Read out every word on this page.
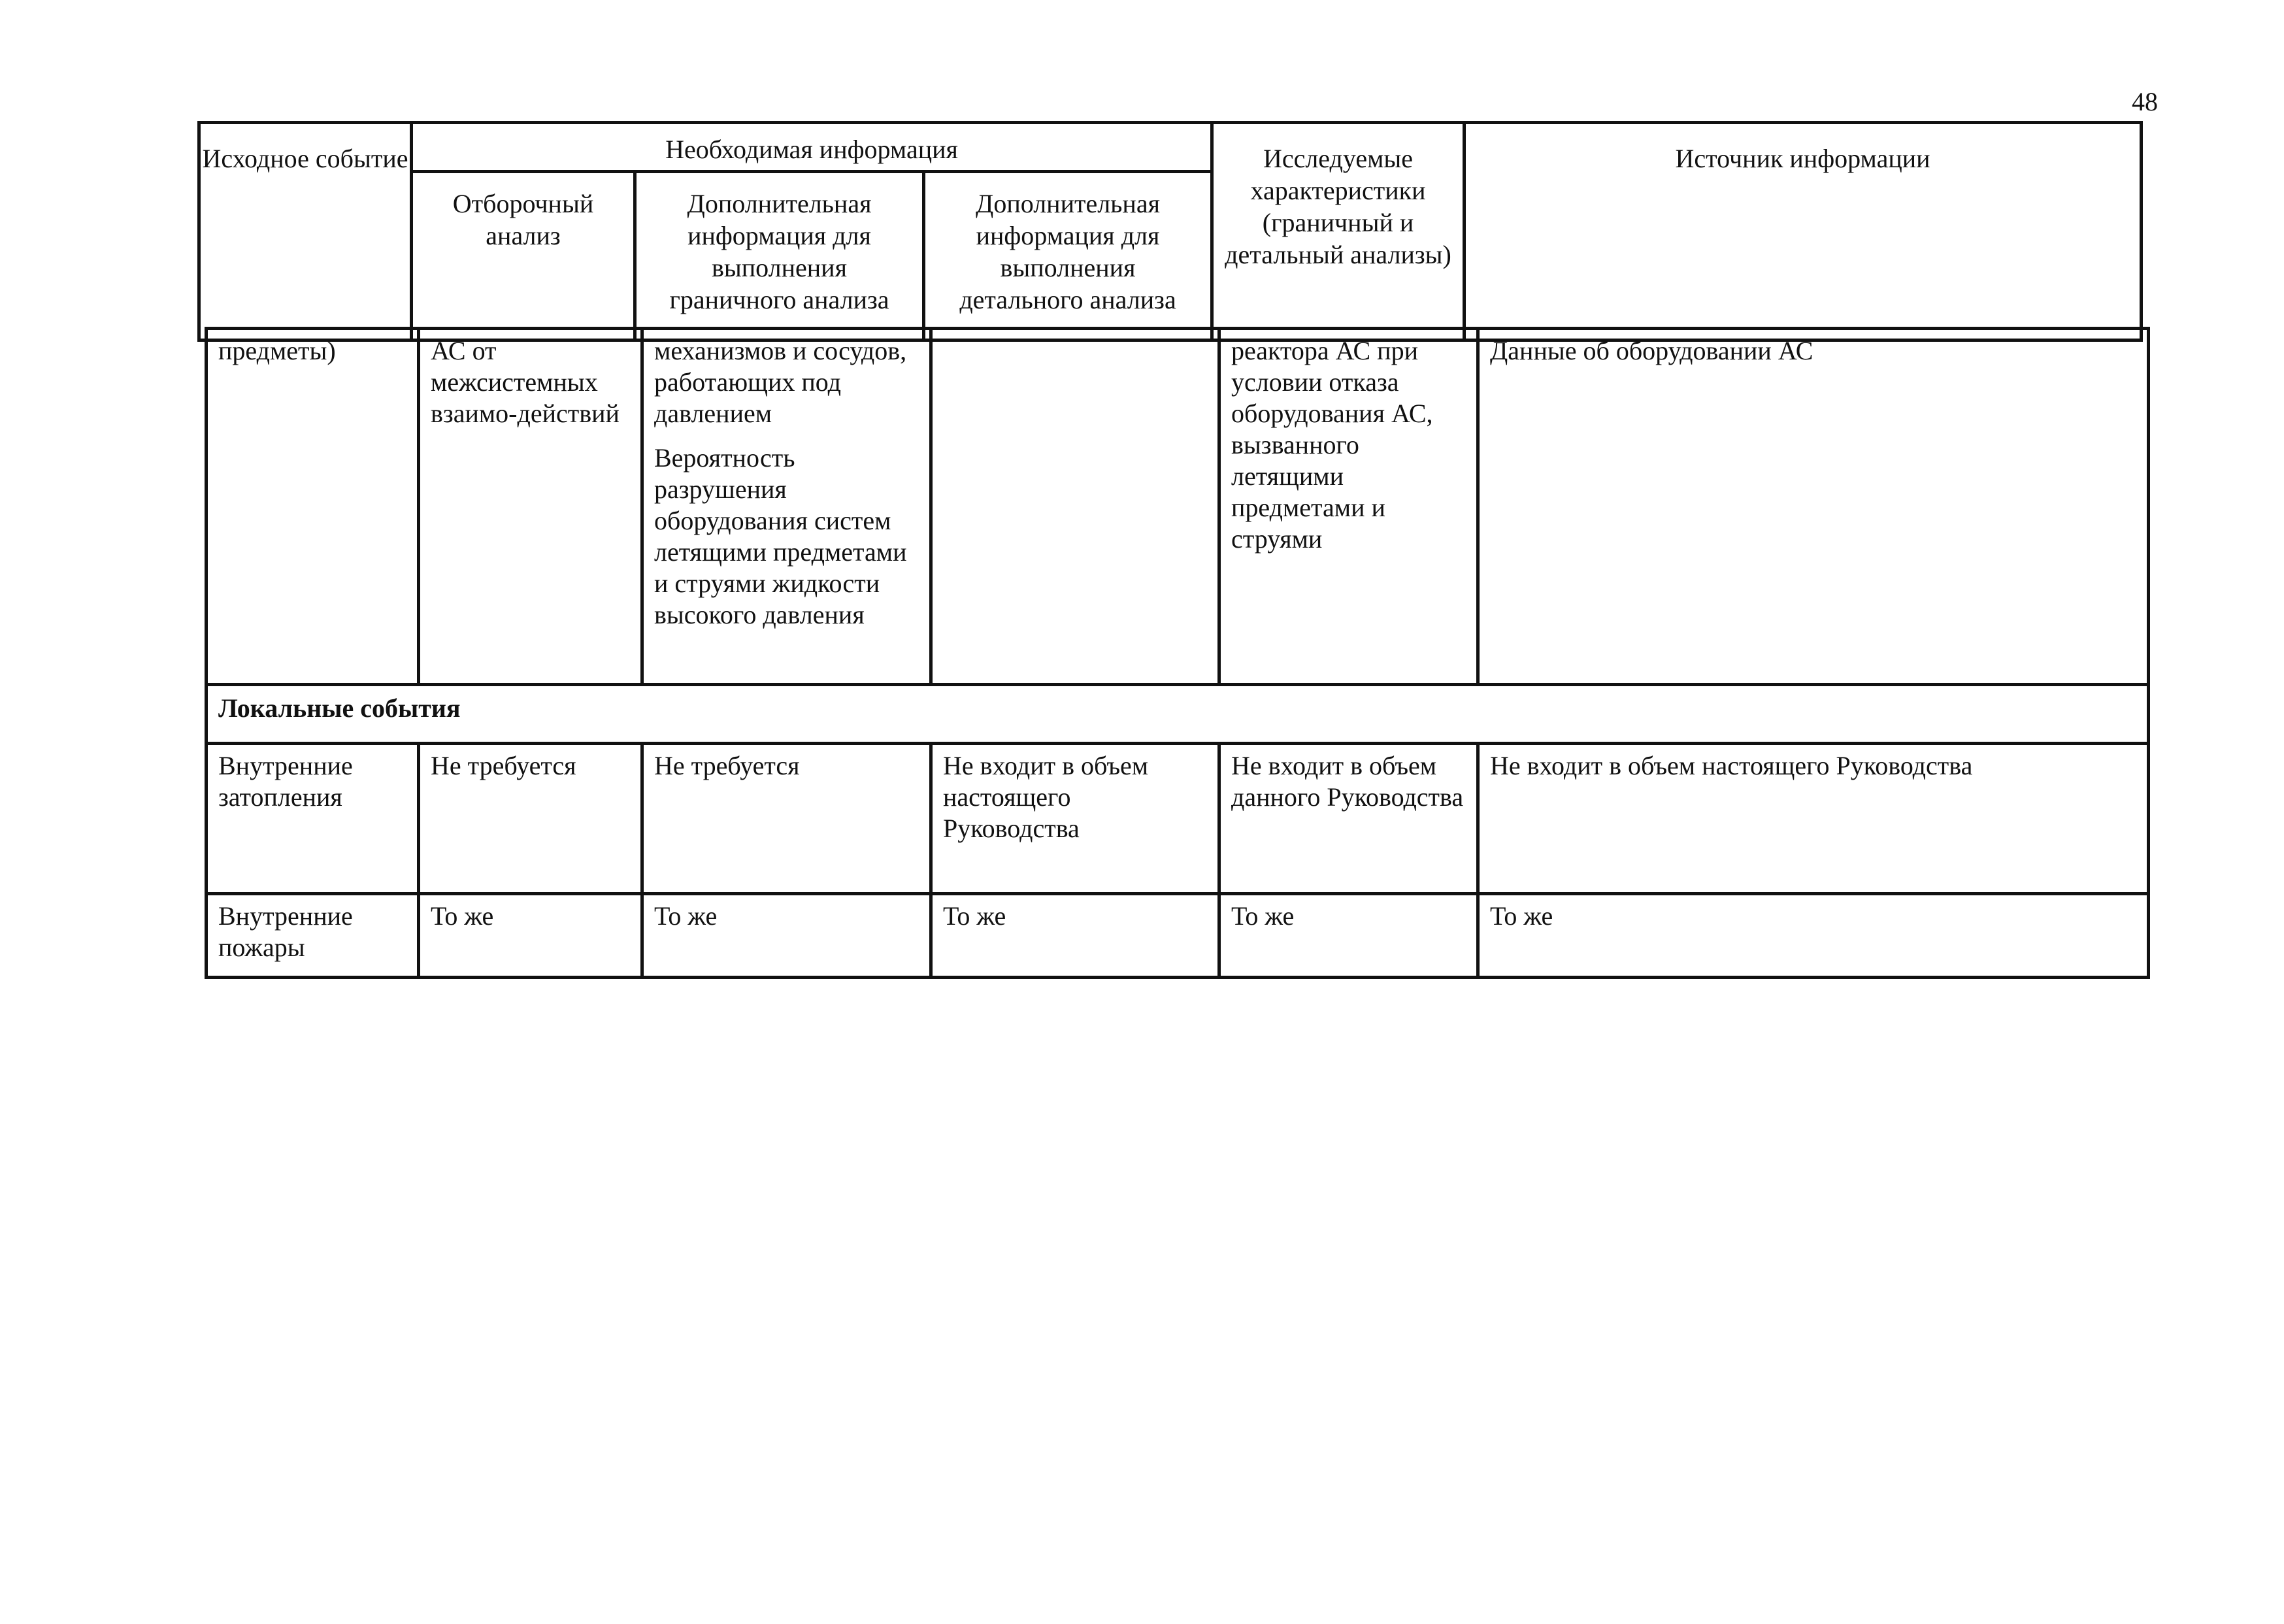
48
Исходное событие	Необходимая информация			Исследуемые характеристики (граничный и детальный анализы)	Источник информации
	Отборочный анализ	Дополнительная информация для выполнения граничного анализа	Дополнительная информация для выполнения детального анализа		
предметы)	АС от межсистемных взаимо-действий	механизмов и сосудов, работающих под давлением
Вероятность разрушения оборудования систем летящими предметами и струями жидкости высокого давления		реактора АС при условии отказа оборудования АС, вызванного летящими предметами и струями	Данные об оборудовании АС
Локальные события					
Внутренние затопления	Не требуется	Не требуется	Не входит в объем настоящего Руководства	Не входит в объем данного Руководства	Не входит в объем настоящего Руководства
Внутренние пожары	То же	То же	То же	То же	То же
